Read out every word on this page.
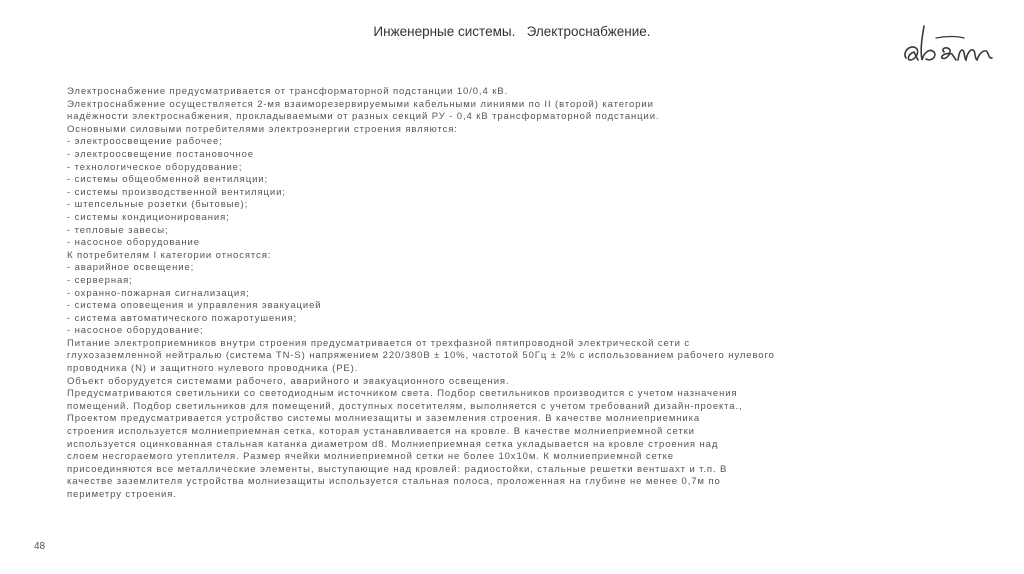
Инженерные системы.   Электроснабжение.
Электроснабжение предусматривается от трансформаторной подстанции 10/0,4 кВ.
Электроснабжение осуществляется 2-мя взаиморезервируемыми кабельными линиями по II (второй) категории
надёжности электроснабжения, прокладываемыми от разных секций РУ - 0,4 кВ трансформаторной подстанции.
Основными силовыми потребителями электроэнергии строения являются:
- электроосвещение рабочее;
- электроосвещение постановочное
- технологическое оборудование;
- системы общеобменной вентиляции;
- системы производственной вентиляции;
- штепсельные розетки (бытовые);
- системы кондиционирования;
- тепловые завесы;
- насосное оборудование
К потребителям I категории относятся:
- аварийное освещение;
- серверная;
- охранно-пожарная сигнализация;
- система оповещения и управления эвакуацией
- система автоматического пожаротушения;
- насосное оборудование;
Питание электроприемников внутри строения предусматривается от трехфазной пятипроводной электрической сети с
глухозаземленной нейтралью (система TN-S) напряжением 220/380В ± 10%, частотой 50Гц ± 2% с использованием рабочего нулевого
проводника (N) и защитного нулевого проводника (PE).
Объект оборудуется системами рабочего, аварийного и эвакуационного освещения.
Предусматриваются светильники со светодиодным источником света. Подбор светильников производится с учетом назначения
помещений. Подбор светильников для помещений, доступных посетителям, выполняется с учетом требований дизайн-проекта.,
Проектом предусматривается устройство системы молниезащиты и заземления строения. В качестве молниеприемника
строения используется молниеприемная сетка, которая устанавливается на кровле. В качестве молниеприемной сетки
используется оцинкованная стальная катанка диаметром d8. Молниеприемная сетка укладывается на кровле строения над
слоем несгораемого утеплителя. Размер ячейки молниеприемной сетки не более 10х10м. К молниеприемной сетке
присоединяются все металлические элементы, выступающие над кровлей: радиостойки, стальные решетки вентшахт и т.п. В
качестве заземлителя устройства молниезащиты используется стальная полоса, проложенная на глубине не менее 0,7м по
периметру строения.
48
